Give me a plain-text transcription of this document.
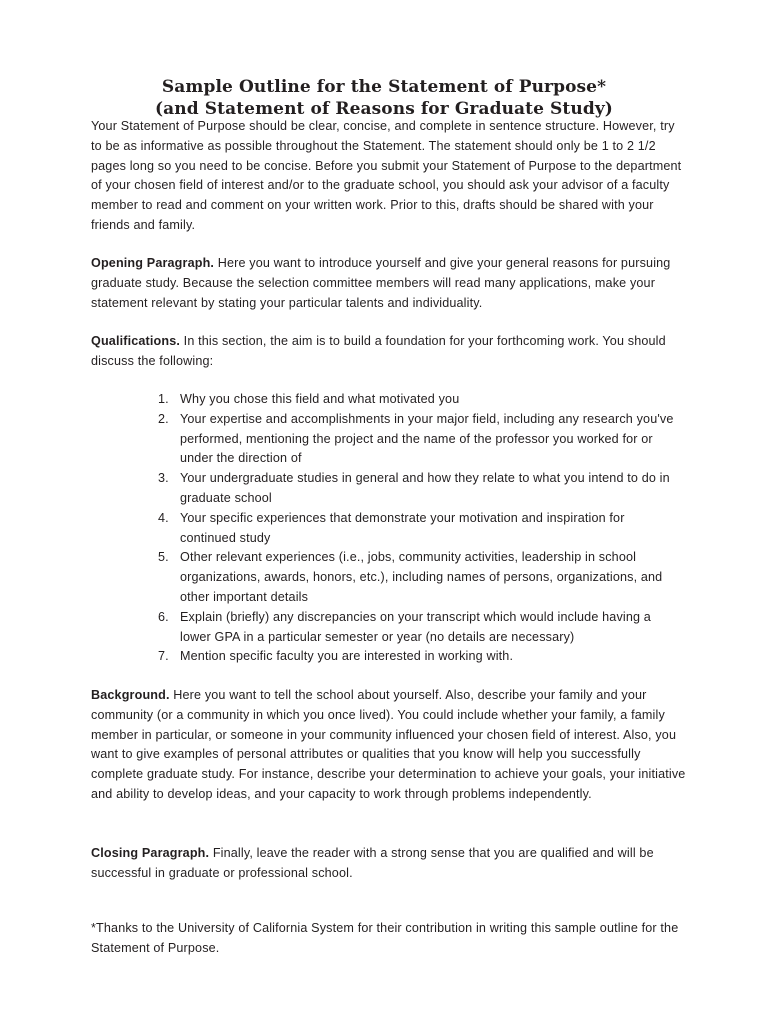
Sample Outline for the Statement of Purpose*
(and Statement of Reasons for Graduate Study)

Your Statement of Purpose should be clear, concise, and complete in sentence structure. However, try to be as informative as possible throughout the Statement. The statement should only be 1 to 2 1/2 pages long so you need to be concise. Before you submit your Statement of Purpose to the department of your chosen field of interest and/or to the graduate school, you should ask your advisor of a faculty member to read and comment on your written work. Prior to this, drafts should be shared with your friends and family.

Opening Paragraph. Here you want to introduce yourself and give your general reasons for pursuing graduate study. Because the selection committee members will read many applications, make your statement relevant by stating your particular talents and individuality.

Qualifications. In this section, the aim is to build a foundation for your forthcoming work. You should discuss the following:

1. Why you chose this field and what motivated you
2. Your expertise and accomplishments in your major field, including any research you've performed, mentioning the project and the name of the professor you worked for or under the direction of
3. Your undergraduate studies in general and how they relate to what you intend to do in graduate school
4. Your specific experiences that demonstrate your motivation and inspiration for continued study
5. Other relevant experiences (i.e., jobs, community activities, leadership in school organizations, awards, honors, etc.), including names of persons, organizations, and other important details
6. Explain (briefly) any discrepancies on your transcript which would include having a lower GPA in a particular semester or year (no details are necessary)
7. Mention specific faculty you are interested in working with.

Background. Here you want to tell the school about yourself. Also, describe your family and your community (or a community in which you once lived). You could include whether your family, a family member in particular, or someone in your community influenced your chosen field of interest. Also, you want to give examples of personal attributes or qualities that you know will help you successfully complete graduate study. For instance, describe your determination to achieve your goals, your initiative and ability to develop ideas, and your capacity to work through problems independently.

Closing Paragraph. Finally, leave the reader with a strong sense that you are qualified and will be successful in graduate or professional school.

*Thanks to the University of California System for their contribution in writing this sample outline for the Statement of Purpose.
